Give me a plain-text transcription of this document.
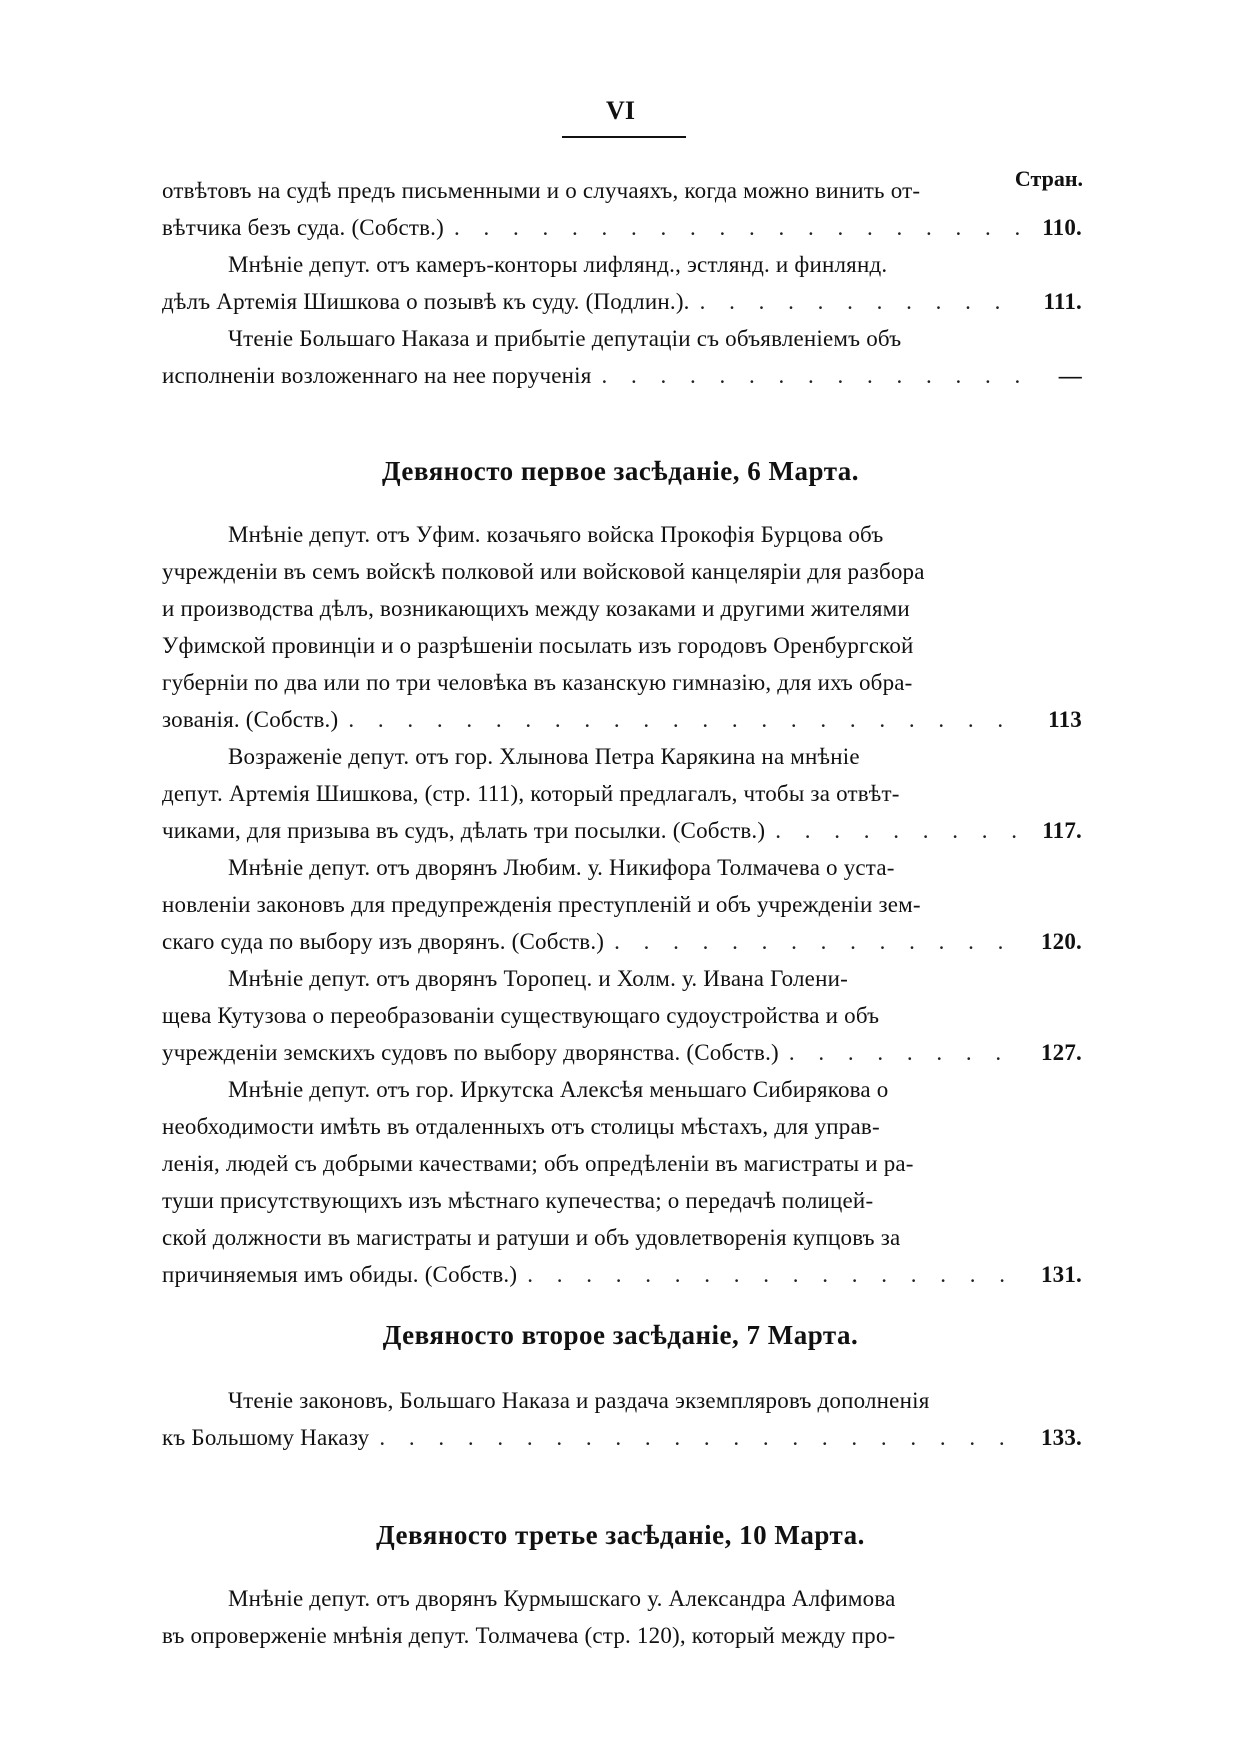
VI
Стран.
отвѣтовъ на судѣ предъ письменными и о случаяхъ, когда можно винить от-
вѣтчика безъ суда. (Собств.) . . .	110.
Мнѣніе депут. отъ камеръ-конторы лифлянд., эстлянд. и финлянд.
дѣлъ Артемія Шишкова о позывѣ къ суду. (Подлин.). . . .	111.
Чтеніе Большаго Наказа и прибытіе депутаціи съ объявленіемъ объ
исполненіи возложеннаго на нее порученія . . .	—
Девяносто первое засѣданіе, 6 Марта.
Мнѣніе депут. отъ Уфим. козачьяго войска Прокофія Бурцова объ
учрежденіи въ семъ войскѣ полковой или войсковой канцеляріи для разбора
и производства дѣлъ, возникающихъ между козаками и другими жителями
Уфимской провинціи и о разрѣшеніи посылать изъ городовъ Оренбургской
губерніи по два или по три человѣка въ казанскую гимназію, для ихъ обра-
зованія. (Собств.) . . .	113
Возраженіе депут. отъ гор. Хлынова Петра Карякина на мнѣніе
депут. Артемія Шишкова, (стр. 111), который предлагалъ, чтобы за отвѣт-
чиками, для призыва въ судъ, дѣлать три посылки. (Собств.) . . .	117.
Мнѣніе депут. отъ дворянъ Любим. у. Никифора Толмачева о уста-
новленіи законовъ для предупрежденія преступленій и объ учрежденіи зем-
скаго суда по выбору изъ дворянъ. (Собств.) . . .	120.
Мнѣніе депут. отъ дворянъ Торопец. и Холм. у. Ивана Голени-
щева Кутузова о переобразованіи существующаго судоустройства и объ
учрежденіи земскихъ судовъ по выбору дворянства. (Собств.) . . .	127.
Мнѣніе депут. отъ гор. Иркутска Алексѣя меньшаго Сибирякова о
необходимости имѣть въ отдаленныхъ отъ столицы мѣстахъ, для управ-
ленія, людей съ добрыми качествами; объ опредѣленіи въ магистраты и ра-
туши присутствующихъ изъ мѣстнаго купечества; о передачѣ полицей-
ской должности въ магистраты и ратуши и объ удовлетворенія купцовъ за
причиняемыя имъ обиды. (Собств.) . . .	131.
Девяносто второе засѣданіе, 7 Марта.
Чтеніе законовъ, Большаго Наказа и раздача экземпляровъ дополненія
къ Большому Наказу . . .	133.
Девяносто третье засѣданіе, 10 Марта.
Мнѣніе депут. отъ дворянъ Курмышскаго у. Александра Алфимова
въ опроверженіе мнѣнія депут. Толмачева (стр. 120), который между про-
